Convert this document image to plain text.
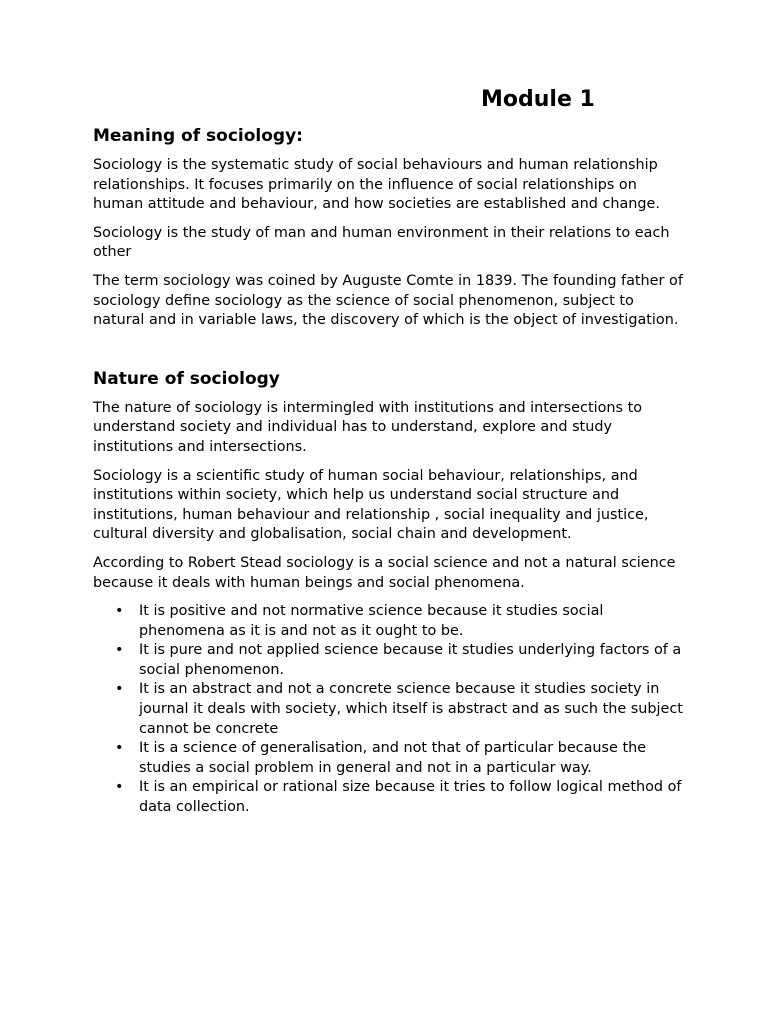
Module 1
Meaning of sociology:

Sociology is the systematic study of social behaviours and human relationship relationships. It focuses primarily on the influence of social relationships on human attitude and behaviour, and how societies are established and change.

Sociology is the study of man and human environment in their relations to each other

The term sociology was coined by Auguste Comte in 1839. The founding father of sociology define sociology as the science of social phenomenon, subject to natural and in variable laws, the discovery of which is the object of investigation.

Nature of sociology

The nature of sociology is intermingled with institutions and intersections to understand society and individual has to understand, explore and study institutions and intersections.

Sociology is a scientific study of human social behaviour, relationships, and institutions within society, which help us understand social structure and institutions, human behaviour and relationship , social inequality and justice, cultural diversity and globalisation, social chain and development.

According to Robert Stead sociology is a social science and not a natural science because it deals with human beings and social phenomena.

• It is positive and not normative science because it studies social phenomena as it is and not as it ought to be.
• It is pure and not applied science because it studies underlying factors of a social phenomenon.
• It is an abstract and not a concrete science because it studies society in journal it deals with society, which itself is abstract and as such the subject cannot be concrete
• It is a science of generalisation, and not that of particular because the studies a social problem in general and not in a particular way.
• It is an empirical or rational size because it tries to follow logical method of data collection.
